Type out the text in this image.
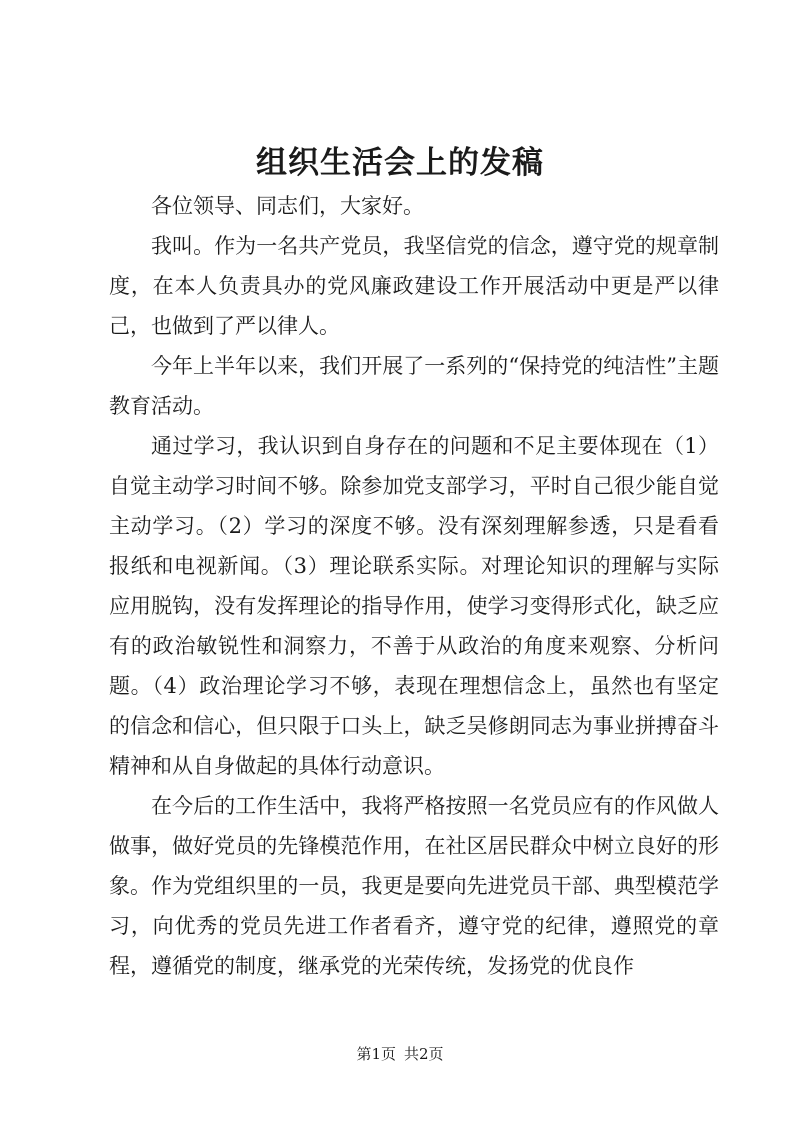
组织生活会上的发稿

各位领导、同志们，大家好。

我叫。作为一名共产党员，我坚信党的信念，遵守党的规章制度，在本人负责具办的党风廉政建设工作开展活动中更是严以律己，也做到了严以律人。

今年上半年以来，我们开展了一系列的“保持党的纯洁性”主题教育活动。

通过学习，我认识到自身存在的问题和不足主要体现在（1）自觉主动学习时间不够。除参加党支部学习，平时自己很少能自觉主动学习。（2）学习的深度不够。没有深刻理解参透，只是看看报纸和电视新闻。（3）理论联系实际。对理论知识的理解与实际应用脱钩，没有发挥理论的指导作用，使学习变得形式化，缺乏应有的政治敏锐性和洞察力，不善于从政治的角度来观察、分析问题。（4）政治理论学习不够，表现在理想信念上，虽然也有坚定的信念和信心，但只限于口头上，缺乏吴修朗同志为事业拼搏奋斗精神和从自身做起的具体行动意识。

在今后的工作生活中，我将严格按照一名党员应有的作风做人做事，做好党员的先锋模范作用，在社区居民群众中树立良好的形象。作为党组织里的一员，我更是要向先进党员干部、典型模范学习，向优秀的党员先进工作者看齐，遵守党的纪律，遵照党的章程，遵循党的制度，继承党的光荣传统，发扬党的优良作

第1页 共2页
